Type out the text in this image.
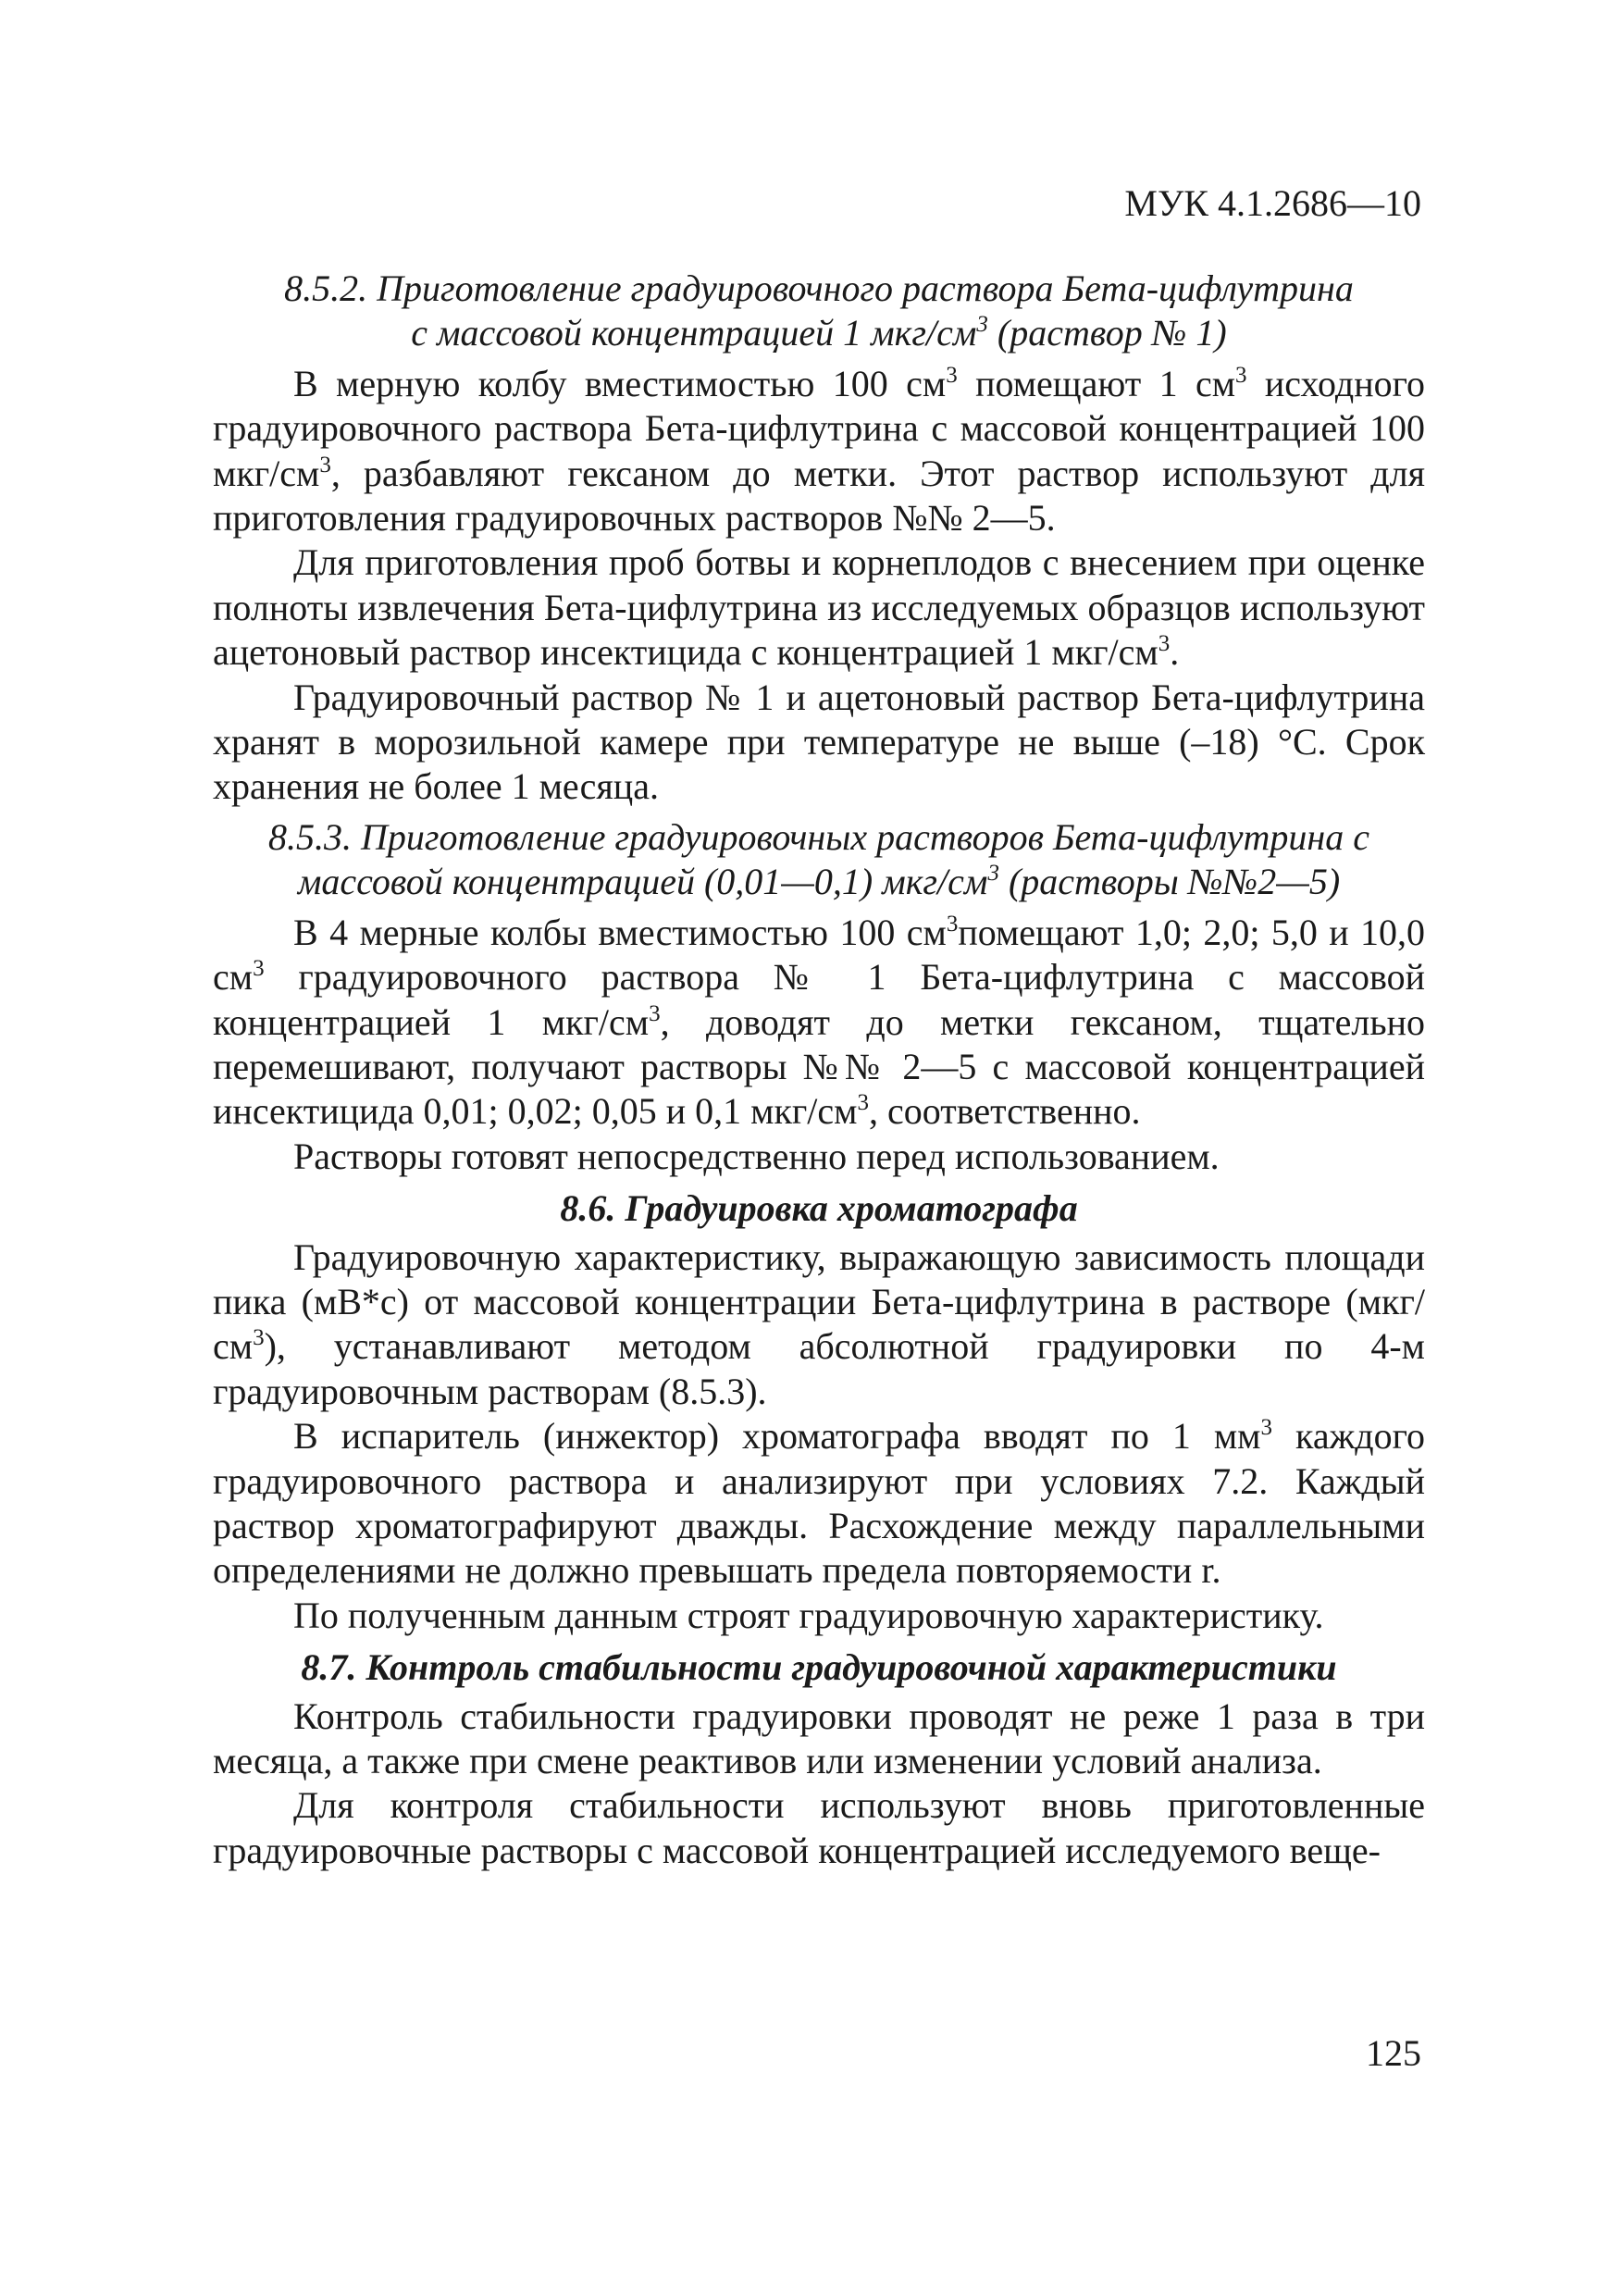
МУК 4.1.2686—10
8.5.2. Приготовление градуировочного раствора Бета-цифлутрина
с массовой концентрацией 1 мкг/$см^3$ (раствор № 1)

В мерную колбу вместимостью 100 $см^3$ помещают 1 $см^3$ исходного градуировочного раствора Бета-цифлутрина с массовой концентрацией 100 мкг/$см^3$, разбавляют гексаном до метки. Этот раствор используют для приготовления градуировочных растворов №№ 2—5.

Для приготовления проб ботвы и корнеплодов с внесением при оценке полноты извлечения Бета-цифлутрина из исследуемых образцов используют ацетоновый раствор инсектицида с концентрацией 1 мкг/$см^3$.

Градуировочный раствор № 1 и ацетоновый раствор Бета-цифлутрина хранят в морозильной камере при температуре не выше (–18) °С. Срок хранения не более 1 месяца.

8.5.3. Приготовление градуировочных растворов Бета-цифлутрина с
массовой концентрацией (0,01—0,1) мкг/$см^3$ (растворы №№2—5)

В 4 мерные колбы вместимостью 100 $см^3помещают$ 1,0; 2,0; 5,0 и 10,0 $см^3$ градуировочного раствора № 1 Бета-цифлутрина с массовой концентрацией 1 мкг/$см^3$, доводят до метки гексаном, тщательно перемешивают, получают растворы №№ 2—5 с массовой концентрацией инсектицида 0,01; 0,02; 0,05 и 0,1 мкг/$см^3$, соответственно.

Растворы готовят непосредственно перед использованием.

8.6. Градуировка хроматографа

Градуировочную характеристику, выражающую зависимость площади пика (мВ*с) от массовой концентрации Бета-цифлутрина в растворе $(мкг/см^3)$, устанавливают методом абсолютной градуировки по 4-м градуировочным растворам (8.5.3).

В испаритель (инжектор) хроматографа вводят по 1 $мм^3$ каждого градуировочного раствора и анализируют при условиях 7.2. Каждый раствор хроматографируют дважды. Расхождение между параллельными определениями не должно превышать предела повторяемости r.

По полученным данным строят градуировочную характеристику.

8.7. Контроль стабильности градуировочной характеристики

Контроль стабильности градуировки проводят не реже 1 раза в три месяца, а также при смене реактивов или изменении условий анализа.

Для контроля стабильности используют вновь приготовленные градуировочные растворы с массовой концентрацией исследуемого веще-

125
